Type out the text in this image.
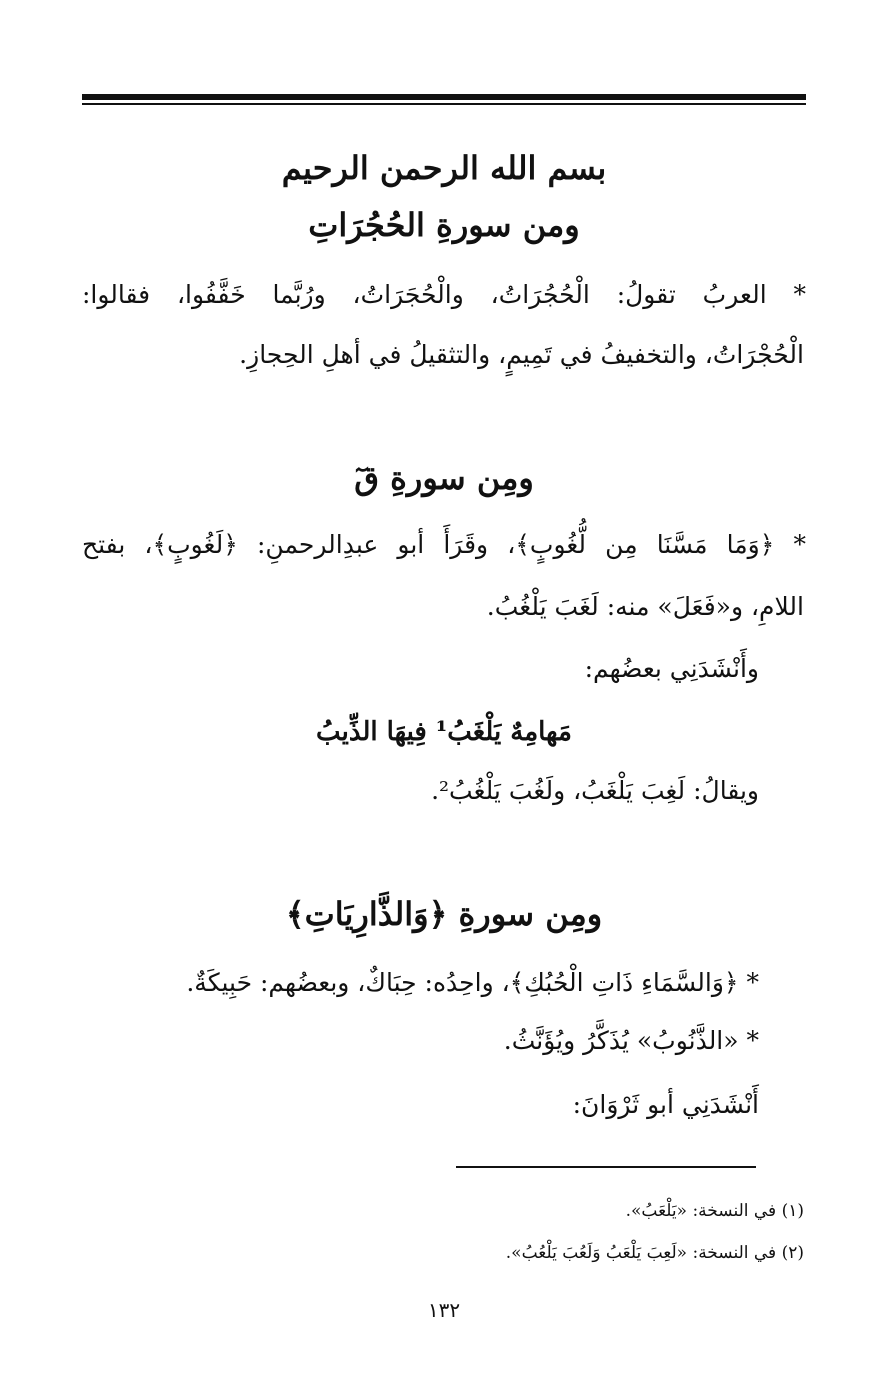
بسم الله الرحمن الرحيم
ومن سورةِ الحُجُرَاتِ
* العربُ تقولُ: الْحُجُرَاتُ، والْحُجَرَاتُ، ورُبَّما خَفَّفُوا، فقالوا:
الْحُجْرَاتُ، والتخفيفُ في تَمِيمٍ، والتثقيلُ في أهلِ الحِجازِ.
ومِن سورةِ قٓ
* ﴿وَمَا مَسَّنَا مِن لُّغُوبٍ﴾، وقَرَأَ أبو عبدِالرحمنِ: ﴿لَغُوبٍ﴾، بفتح
اللامِ، و«فَعَلَ» منه: لَغَبَ يَلْغُبُ.
وأَنْشَدَنِي بعضُهم:
مَهامِهٌ يَلْغَبُ¹ فِيهَا الذِّيبُ
ويقالُ: لَغِبَ يَلْغَبُ، ولَغُبَ يَلْغُبُ².
ومِن سورةِ ﴿وَالذَّارِيَاتِ﴾
* ﴿وَالسَّمَاءِ ذَاتِ الْحُبُكِ﴾، واحِدُه: حِبَاكٌ، وبعضُهم: حَبِيكَةٌ.
* «الذَّنُوبُ» يُذَكَّرُ ويُؤَنَّثُ.
أَنْشَدَنِي أبو ثَرْوَانَ:
(١) في النسخة: «يَلْعَبُ».
(٢) في النسخة: «لَعِبَ يَلْعَبُ وَلَعُبَ يَلْعُبُ».
١٣٢
